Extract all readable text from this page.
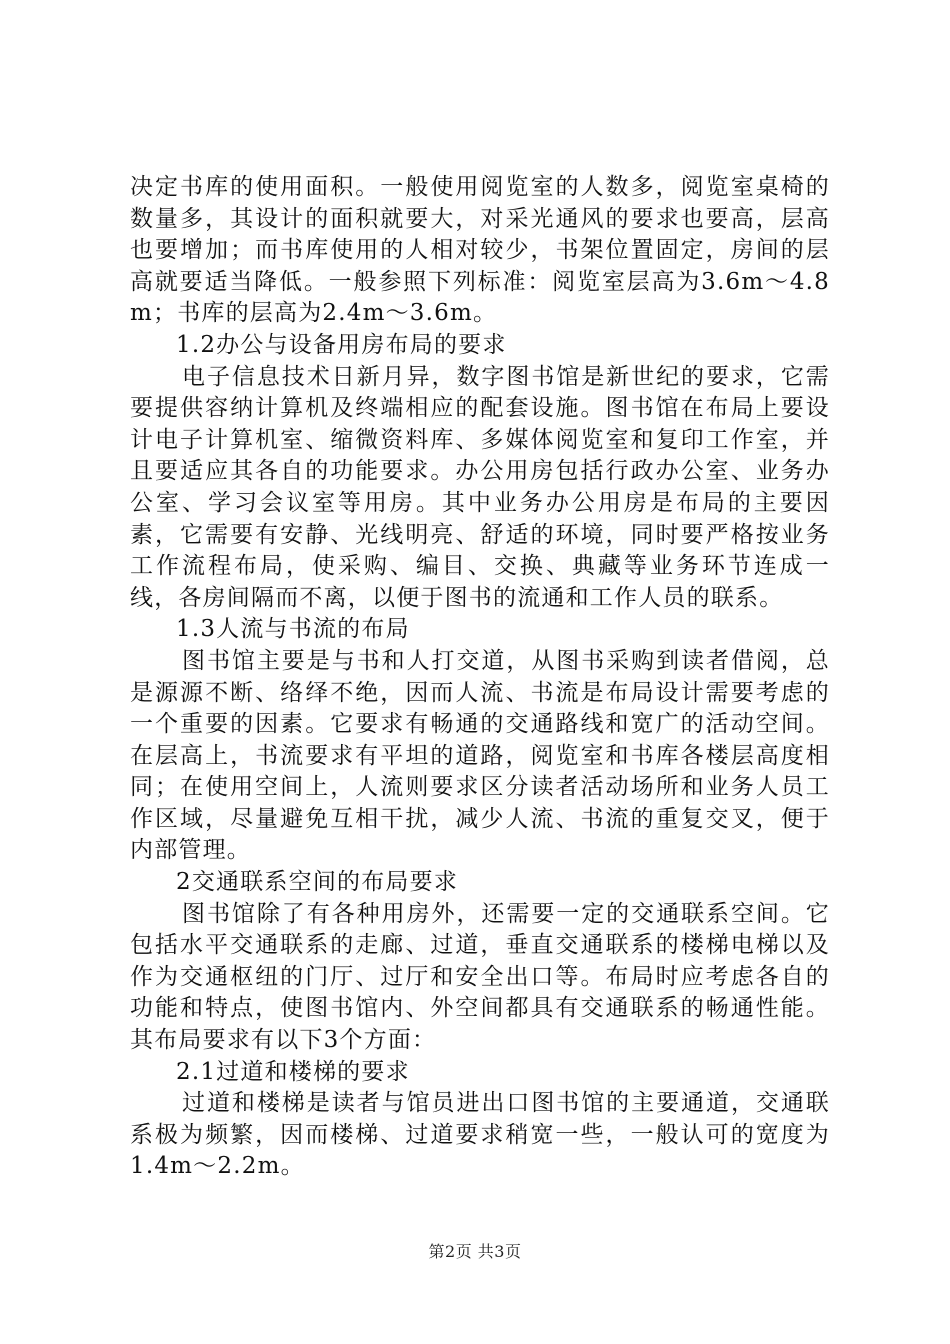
决定书库的使用面积。一般使用阅览室的人数多，阅览室桌椅的数量多，其设计的面积就要大，对采光通风的要求也要高，层高也要增加；而书库使用的人相对较少，书架位置固定，房间的层高就要适当降低。一般参照下列标准：阅览室层高为3.6m～4.8m；书库的层高为2.4m～3.6m。

1.2办公与设备用房布局的要求

电子信息技术日新月异，数字图书馆是新世纪的要求，它需要提供容纳计算机及终端相应的配套设施。图书馆在布局上要设计电子计算机室、缩微资料库、多媒体阅览室和复印工作室，并且要适应其各自的功能要求。办公用房包括行政办公室、业务办公室、学习会议室等用房。其中业务办公用房是布局的主要因素，它需要有安静、光线明亮、舒适的环境，同时要严格按业务工作流程布局，使采购、编目、交换、典藏等业务环节连成一线，各房间隔而不离，以便于图书的流通和工作人员的联系。

1.3人流与书流的布局

图书馆主要是与书和人打交道，从图书采购到读者借阅，总是源源不断、络绎不绝，因而人流、书流是布局设计需要考虑的一个重要的因素。它要求有畅通的交通路线和宽广的活动空间。在层高上，书流要求有平坦的道路，阅览室和书库各楼层高度相同；在使用空间上，人流则要求区分读者活动场所和业务人员工作区域，尽量避免互相干扰，减少人流、书流的重复交叉，便于内部管理。

2交通联系空间的布局要求

图书馆除了有各种用房外，还需要一定的交通联系空间。它包括水平交通联系的走廊、过道，垂直交通联系的楼梯电梯以及作为交通枢纽的门厅、过厅和安全出口等。布局时应考虑各自的功能和特点，使图书馆内、外空间都具有交通联系的畅通性能。其布局要求有以下3个方面：

2.1过道和楼梯的要求

过道和楼梯是读者与馆员进出口图书馆的主要通道，交通联系极为频繁，因而楼梯、过道要求稍宽一些，一般认可的宽度为1.4m～2.2m。

第2页 共3页
